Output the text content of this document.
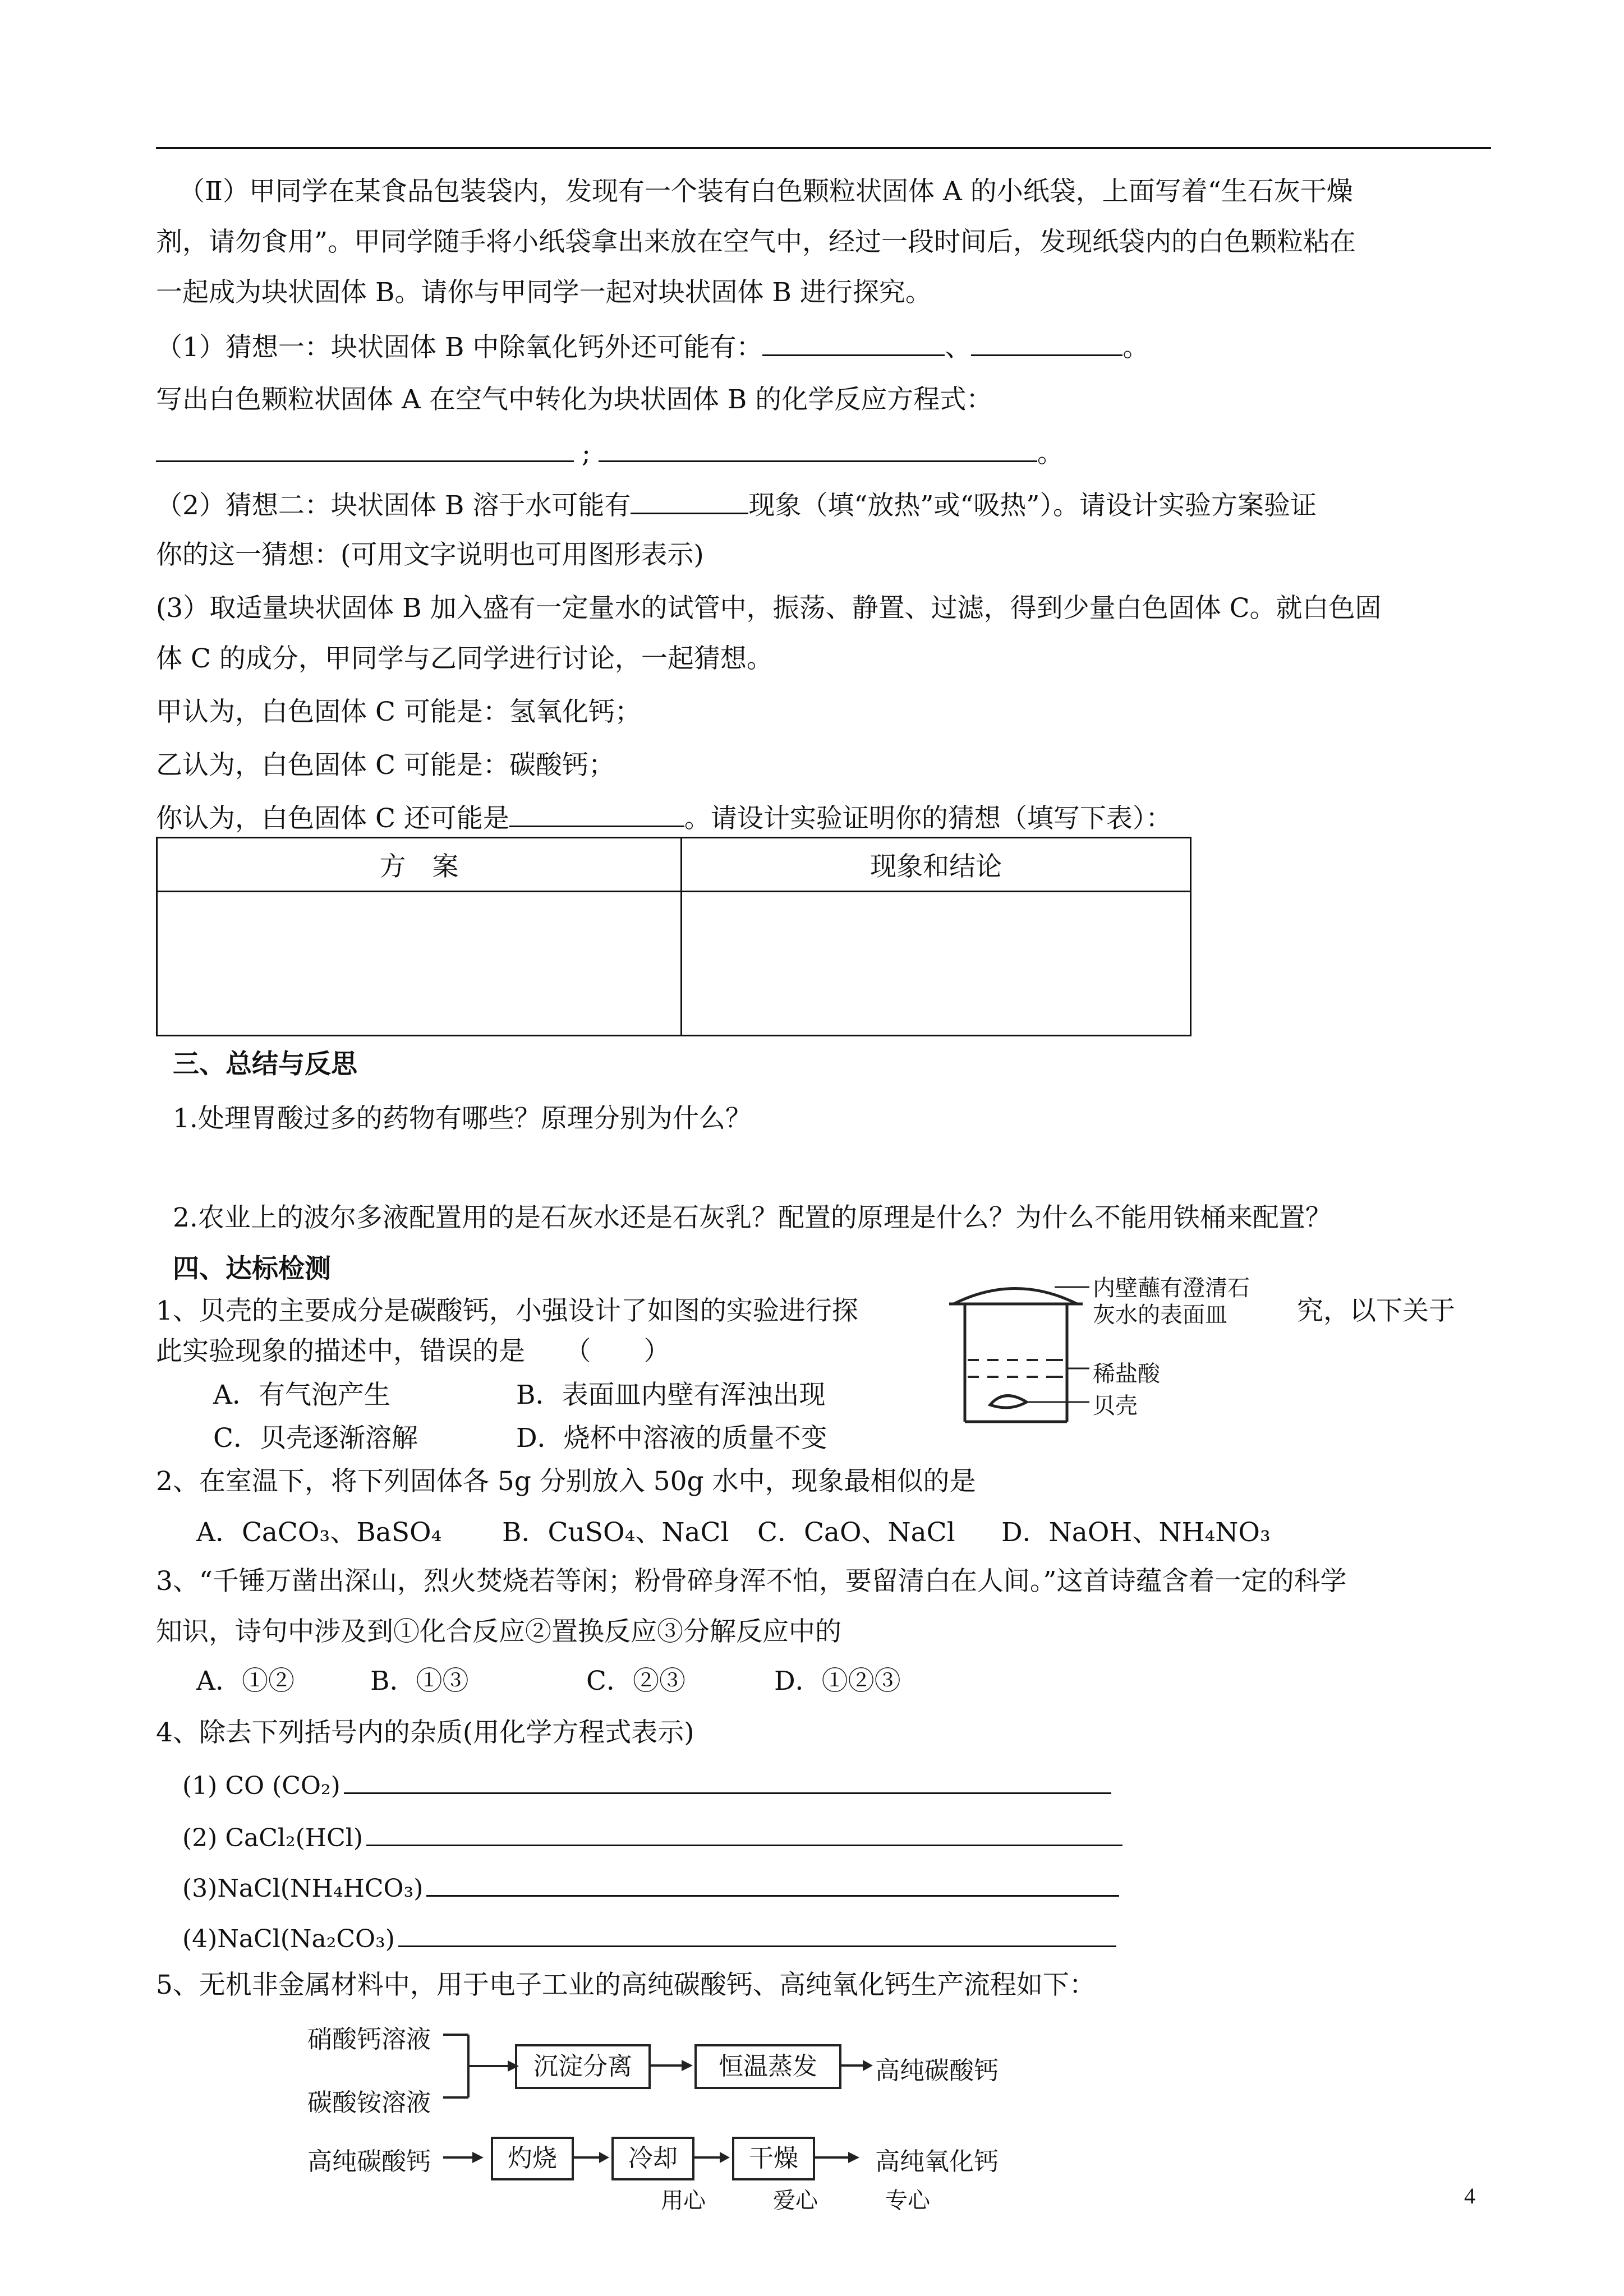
（Ⅱ）甲同学在某食品包装袋内，发现有一个装有白色颗粒状固体 A 的小纸袋，上面写着“生石灰干燥
剂，请勿食用”。甲同学随手将小纸袋拿出来放在空气中，经过一段时间后，发现纸袋内的白色颗粒粘在
一起成为块状固体 B。请你与甲同学一起对块状固体 B 进行探究。
（1）猜想一：块状固体 B 中除氧化钙外还可能有：	、	。
写出白色颗粒状固体 A 在空气中转化为块状固体 B 的化学反应方程式：
;	。
（2）猜想二：块状固体 B 溶于水可能有	现象（填“放热”或“吸热”）。请设计实验方案验证
你的这一猜想：(可用文字说明也可用图形表示)
(3）取适量块状固体 B 加入盛有一定量水的试管中，振荡、静置、过滤，得到少量白色固体 C。就白色固
体 C 的成分，甲同学与乙同学进行讨论，一起猜想。
甲认为，白色固体 C 可能是：氢氧化钙；
乙认为，白色固体 C 可能是：碳酸钙；
你认为，白色固体 C 还可能是	。请设计实验证明你的猜想（填写下表）：
方　案	现象和结论

三、总结与反思
1.处理胃酸过多的药物有哪些？原理分别为什么？
2.农业上的波尔多液配置用的是石灰水还是石灰乳？配置的原理是什么？为什么不能用铁桶来配置？
四、达标检测
1、贝壳的主要成分是碳酸钙，小强设计了如图的实验进行探	究，以下关于
此实验现象的描述中，错误的是　　（　　）
A．有气泡产生	B．表面皿内壁有浑浊出现
C．贝壳逐渐溶解	D．烧杯中溶液的质量不变
内壁蘸有澄清石
灰水的表面皿
稀盐酸
贝壳
2、在室温下，将下列固体各 5g 分别放入 50g 水中，现象最相似的是
A．CaCO₃、BaSO₄ B．CuSO₄、NaCl C．CaO、NaCl D．NaOH、NH₄NO₃
3、“千锤万凿出深山，烈火焚烧若等闲；粉骨碎身浑不怕，要留清白在人间。”这首诗蕴含着一定的科学
知识，诗句中涉及到①化合反应②置换反应③分解反应中的
A．①②	B．①③	C．②③	D．①②③
4、除去下列括号内的杂质(用化学方程式表示)
(1) CO (CO₂)
(2) CaCl₂(HCl)
(3)NaCl(NH₄HCO₃)
(4)NaCl(Na₂CO₃)
5、无机非金属材料中，用于电子工业的高纯碳酸钙、高纯氧化钙生产流程如下：
硝酸钙溶液
碳酸铵溶液
沉淀分离	恒温蒸发	高纯碳酸钙
高纯碳酸钙	灼烧	冷却	干燥	高纯氧化钙
用心	爱心	专心	4
